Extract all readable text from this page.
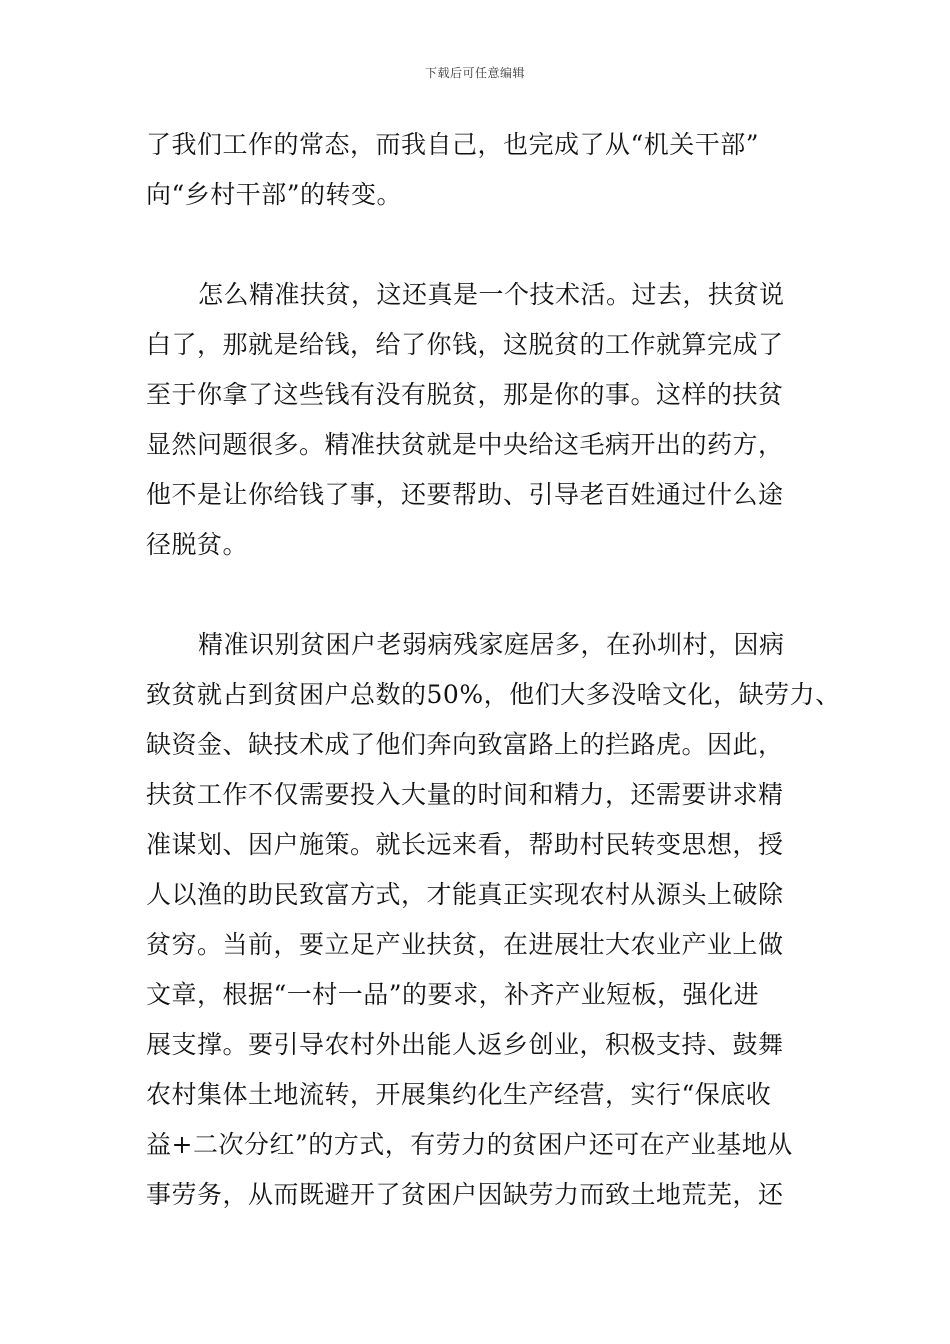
下载后可任意编辑
了我们工作的常态，而我自己，也完成了从“机关干部”
向“乡村干部”的转变。
怎么精准扶贫，这还真是一个技术活。过去，扶贫说
白了，那就是给钱，给了你钱，这脱贫的工作就算完成了
至于你拿了这些钱有没有脱贫，那是你的事。这样的扶贫
显然问题很多。精准扶贫就是中央给这毛病开出的药方，
他不是让你给钱了事，还要帮助、引导老百姓通过什么途
径脱贫。
精准识别贫困户老弱病残家庭居多，在孙圳村，因病
致贫就占到贫困户总数的50%，他们大多没啥文化，缺劳力、
缺资金、缺技术成了他们奔向致富路上的拦路虎。因此，
扶贫工作不仅需要投入大量的时间和精力，还需要讲求精
准谋划、因户施策。就长远来看，帮助村民转变思想，授
人以渔的助民致富方式，才能真正实现农村从源头上破除
贫穷。当前，要立足产业扶贫，在进展壮大农业产业上做
文章，根据“一村一品”的要求，补齐产业短板，强化进
展支撑。要引导农村外出能人返乡创业，积极支持、鼓舞
农村集体土地流转，开展集约化生产经营，实行“保底收
益+二次分红”的方式，有劳力的贫困户还可在产业基地从
事劳务，从而既避开了贫困户因缺劳力而致土地荒芜，还
